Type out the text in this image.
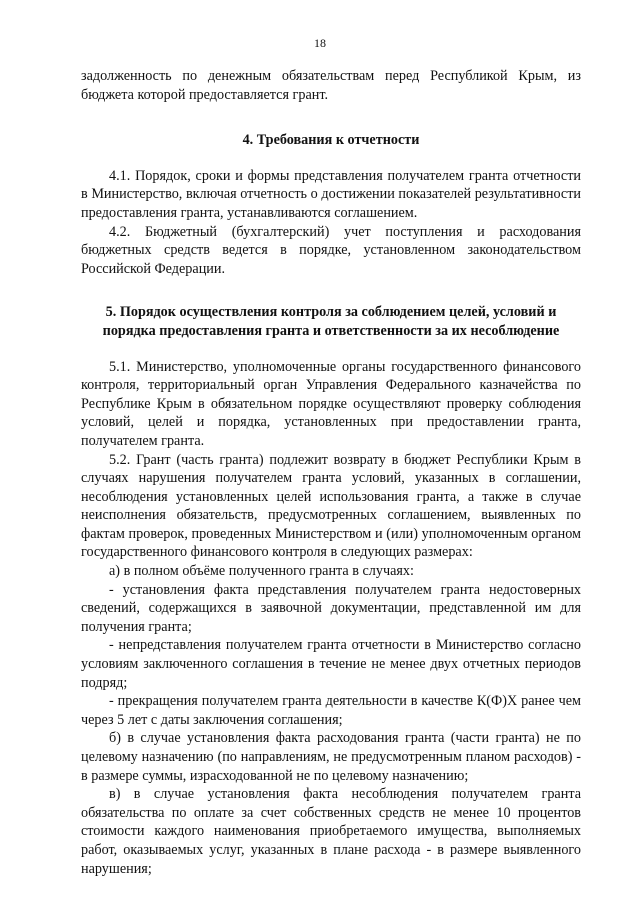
18

задолженность по денежным обязательствам перед Республикой Крым, из бюджета которой предоставляется грант.

4. Требования к отчетности

4.1. Порядок, сроки и формы представления получателем гранта отчетности в Министерство, включая отчетность о достижении показателей результативности предоставления гранта, устанавливаются соглашением.

4.2. Бюджетный (бухгалтерский) учет поступления и расходования бюджетных средств ведется в порядке, установленном законодательством Российской Федерации.

5. Порядок осуществления контроля за соблюдением целей, условий и порядка предоставления гранта и ответственности за их несоблюдение

5.1. Министерство, уполномоченные органы государственного финансового контроля, территориальный орган Управления Федерального казначейства по Республике Крым в обязательном порядке осуществляют проверку соблюдения условий, целей и порядка, установленных при предоставлении гранта, получателем гранта.

5.2. Грант (часть гранта) подлежит возврату в бюджет Республики Крым в случаях нарушения получателем гранта условий, указанных в соглашении, несоблюдения установленных целей использования гранта, а также в случае неисполнения обязательств, предусмотренных соглашением, выявленных по фактам проверок, проведенных Министерством и (или) уполномоченным органом государственного финансового контроля в следующих размерах:

а) в полном объёме полученного гранта в случаях:

- установления факта представления получателем гранта недостоверных сведений, содержащихся в заявочной документации, представленной им для получения гранта;

- непредставления получателем гранта отчетности в Министерство согласно условиям заключенного соглашения в течение не менее двух отчетных периодов подряд;

- прекращения получателем гранта деятельности в качестве К(Ф)Х ранее чем через 5 лет с даты заключения соглашения;

б) в случае установления факта расходования гранта (части гранта) не по целевому назначению (по направлениям, не предусмотренным планом расходов) - в размере суммы, израсходованной не по целевому назначению;

в) в случае установления факта несоблюдения получателем гранта обязательства по оплате за счет собственных средств не менее 10 процентов стоимости каждого наименования приобретаемого имущества, выполняемых работ, оказываемых услуг, указанных в плане расхода - в размере выявленного нарушения;
